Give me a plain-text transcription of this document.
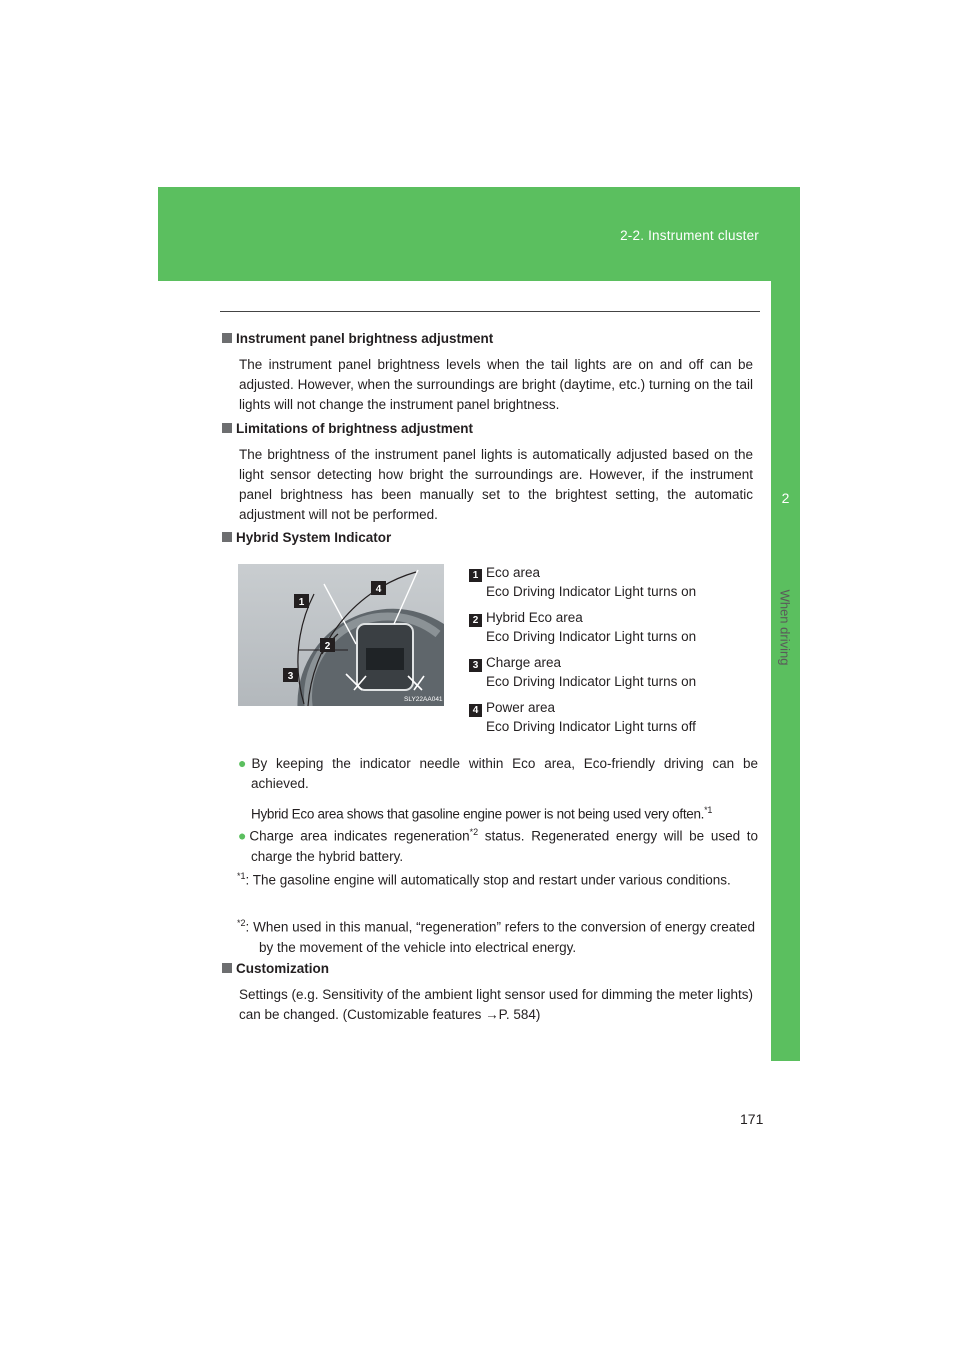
2-2. Instrument cluster
2
When driving
Instrument panel brightness adjustment
The instrument panel brightness levels when the tail lights are on and off can be adjusted. However, when the surroundings are bright (daytime, etc.) turning on the tail lights will not change the instrument panel brightness.
Limitations of brightness adjustment
The brightness of the instrument panel lights is automatically adjusted based on the light sensor detecting how bright the surroundings are. However, if the instrument panel brightness has been manually set to the brightest setting, the automatic adjustment will not be performed.
Hybrid System Indicator
1
4
2
3
SLY22AA041
1 Eco area
Eco Driving Indicator Light turns on
2 Hybrid Eco area
Eco Driving Indicator Light turns on
3 Charge area
Eco Driving Indicator Light turns on
4 Power area
Eco Driving Indicator Light turns off
●By keeping the indicator needle within Eco area, Eco-friendly driving can be achieved.
Hybrid Eco area shows that gasoline engine power is not being used very often.$^{*1}$
●Charge area indicates regeneration$^{*2}$ status. Regenerated energy will be used to charge the hybrid battery.
$^{*1}$: The gasoline engine will automatically stop and restart under various conditions.
$^{*2}$: When used in this manual, “regeneration” refers to the conversion of energy created by the movement of the vehicle into electrical energy.
Customization
Settings (e.g. Sensitivity of the ambient light sensor used for dimming the meter lights) can be changed. (Customizable features →P. 584)
171
